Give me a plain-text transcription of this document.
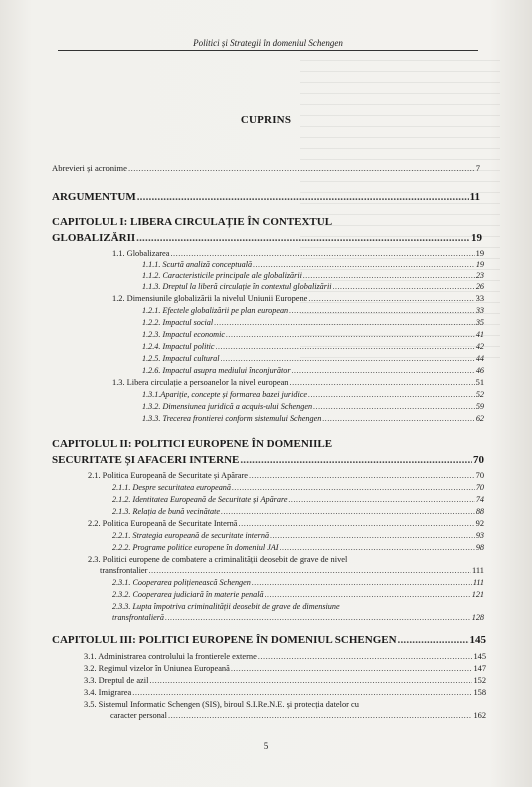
Politici și Strategii în domeniul Schengen
CUPRINS
Abrevieri și acronime .....	7
ARGUMENTUM .....	11
CAPITOLUL I: LIBERA CIRCULAȚIE ÎN CONTEXTUL
GLOBALIZĂRII .....	19
1.1. Globalizarea .....	19
1.1.1. Scurtă analiză conceptuală .....	19
1.1.2. Caracteristicile principale ale globalizării .....	23
1.1.3. Dreptul la liberă circulație în contextul globalizării .....	26
1.2. Dimensiunile globalizării la nivelul Uniunii Europene .....	33
1.2.1. Efectele globalizării pe plan european .....	33
1.2.2. Impactul social .....	35
1.2.3. Impactul economic .....	41
1.2.4. Impactul politic .....	42
1.2.5. Impactul cultural .....	44
1.2.6. Impactul asupra mediului înconjurător .....	46
1.3. Libera circulație a persoanelor la nivel european .....	51
1.3.1.Apariție, concepte și formarea bazei juridice .....	52
1.3.2. Dimensiunea juridică a acquis-ului Schengen .....	59
1.3.3. Trecerea frontierei conform sistemului Schengen .....	62
CAPITOLUL II: POLITICI EUROPENE ÎN DOMENIILE
SECURITATE ȘI AFACERI INTERNE .....	70
2.1. Politica Europeană de Securitate și Apărare .....	70
2.1.1. Despre securitatea europeană .....	70
2.1.2. Identitatea Europeană de Securitate și Apărare .....	74
2.1.3. Relația de bună vecinătate .....	88
2.2. Politica Europeană de Securitate Internă .....	92
2.2.1. Strategia europeană de securitate internă .....	93
2.2.2. Programe politice europene în domeniul JAI .....	98
2.3. Politici europene de combatere a criminalității deosebit de grave de nivel
transfrontalier .....	111
2.3.1. Cooperarea polițienească Schengen .....	111
2.3.2. Cooperarea judiciară în materie penală .....	121
2.3.3. Lupta împotriva criminalității deosebit de grave de dimensiune
transfrontalieră .....	128
CAPITOLUL III: POLITICI EUROPENE ÎN DOMENIUL SCHENGEN .....	145
3.1. Administrarea controlului la frontierele externe .....	145
3.2. Regimul vizelor în Uniunea Europeană .....	147
3.3. Dreptul de azil .....	152
3.4. Imigrarea .....	158
3.5. Sistemul Informatic Schengen (SIS), biroul S.I.Re.N.E. și protecția datelor cu
caracter personal .....	162
5
